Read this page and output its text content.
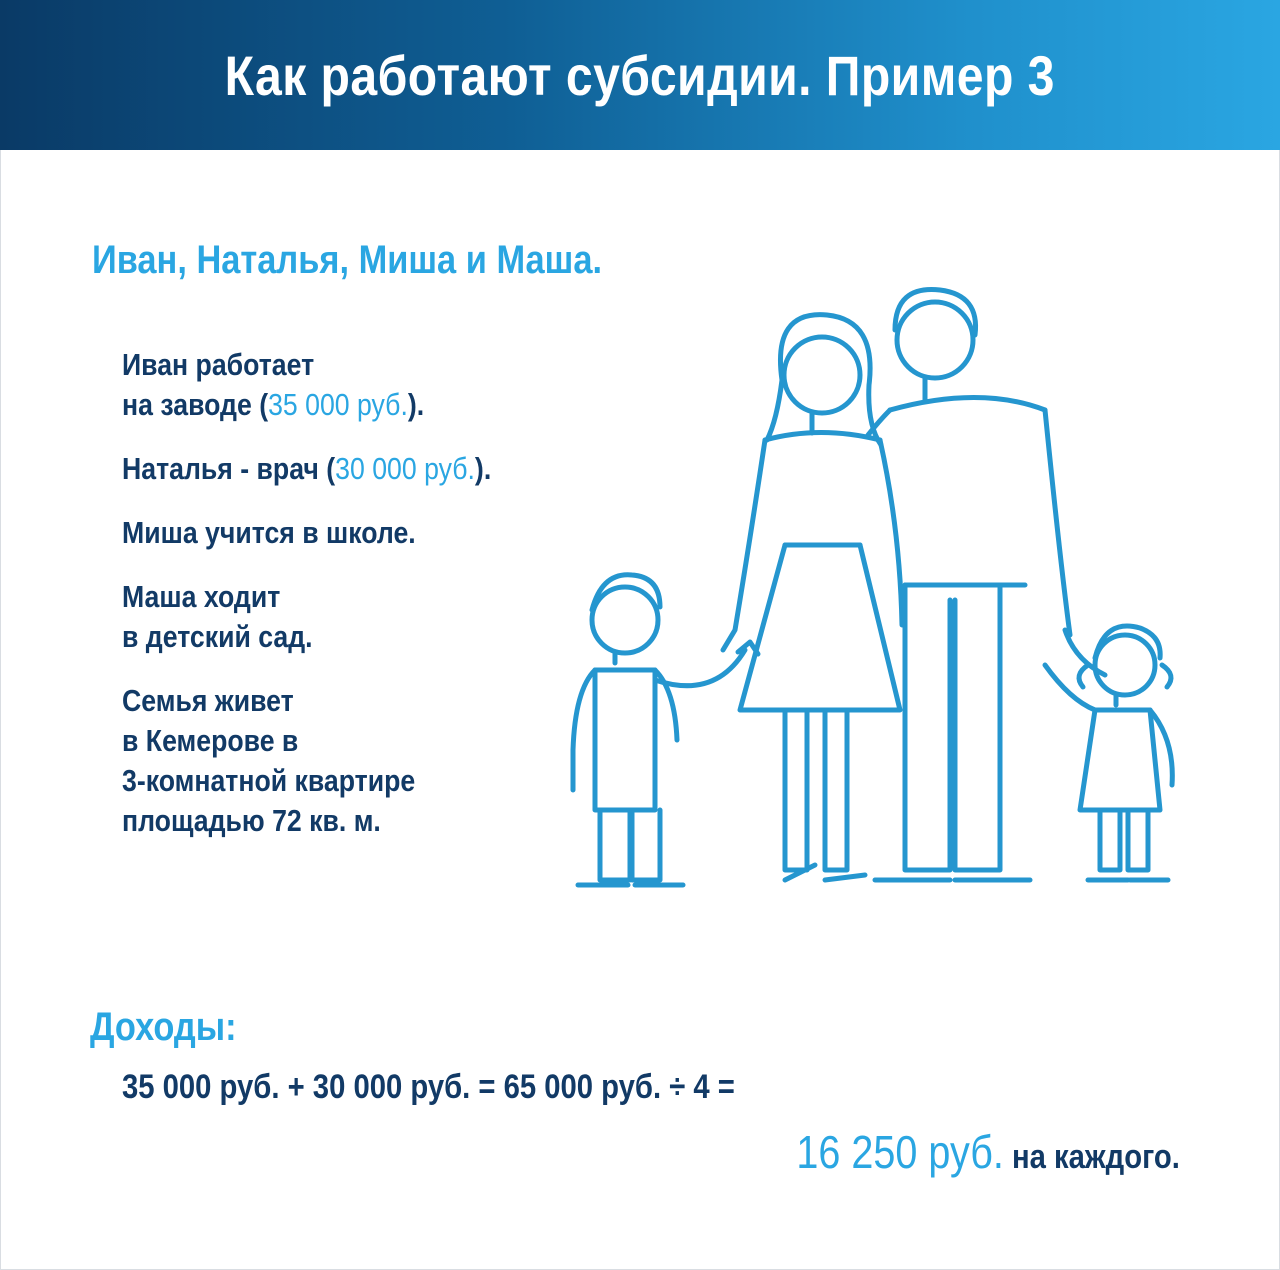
Как работают субсидии. Пример 3
Иван, Наталья, Миша и Маша.
Иван работает
на заводе (35 000 руб.).
Наталья - врач (30 000 руб.).
Миша учится в школе.
Маша ходит
в детский сад.
Семья живет
в Кемерове в
3-комнатной квартире
площадью 72 кв. м.
Доходы:
35 000 руб. + 30 000 руб. = 65 000 руб. ÷ 4 =
16 250 руб. на каждого.
